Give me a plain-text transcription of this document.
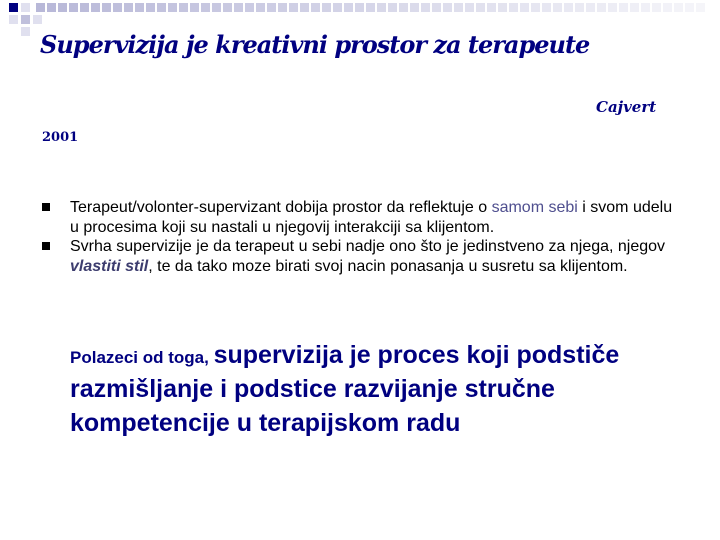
Supervizija je kreativni prostor za terapeute
Cajvert
2001
Terapeut/volonter-supervizant dobija prostor da reflektuje o samom sebi i svom udelu u procesima koji su nastali u njegovij interakciji sa klijentom.
Svrha supervizije je da terapeut u sebi nadje ono što je jedinstveno za njega, njegov vlastiti stil, te da tako moze birati svoj nacin ponasanja u susretu sa klijentom.
Polazeci od toga, supervizija je proces koji podstiče razmišljanje i podstice razvijanje stručne kompetencije u terapijskom radu
